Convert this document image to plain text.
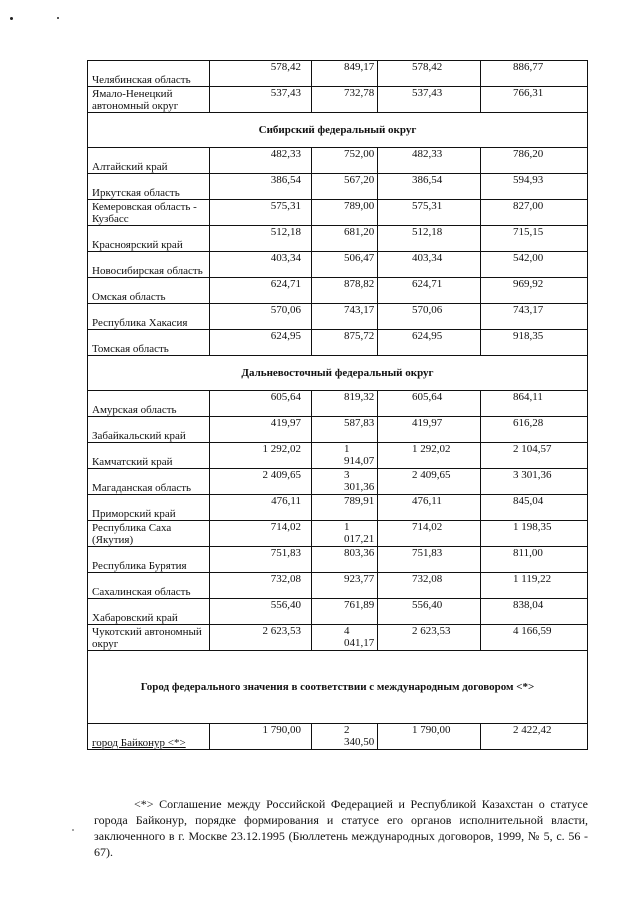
Челябинская область	578,42	849,17	578,42	886,77
Ямало-Ненецкий автономный округ	537,43	732,78	537,43	766,31
Сибирский федеральный округ				
Алтайский край	482,33	752,00	482,33	786,20
Иркутская область	386,54	567,20	386,54	594,93
Кемеровская область - Кузбасс	575,31	789,00	575,31	827,00
Красноярский край	512,18	681,20	512,18	715,15
Новосибирская область	403,34	506,47	403,34	542,00
Омская область	624,71	878,82	624,71	969,92
Республика Хакасия	570,06	743,17	570,06	743,17
Томская область	624,95	875,72	624,95	918,35
Дальневосточный федеральный округ				
Амурская область	605,64	819,32	605,64	864,11
Забайкальский край	419,97	587,83	419,97	616,28
Камчатский край	1 292,02	1 914,07	1 292,02	2 104,57
Магаданская область	2 409,65	3 301,36	2 409,65	3 301,36
Приморский край	476,11	789,91	476,11	845,04
Республика Саха (Якутия)	714,02	1 017,21	714,02	1 198,35
Республика Бурятия	751,83	803,36	751,83	811,00
Сахалинская область	732,08	923,77	732,08	1 119,22
Хабаровский край	556,40	761,89	556,40	838,04
Чукотский автономный округ	2 623,53	4 041,17	2 623,53	4 166,59
Город федерального значения в соответствии с международным договором <*>				
город Байконур <*>	1 790,00	2 340,50	1 790,00	2 422,42
<*> Соглашение между Российской Федерацией и Республикой Казахстан о статусе города Байконур, порядке формирования и статусе его органов исполнительной власти, заключенного в г. Москве 23.12.1995 (Бюллетень международных договоров, 1999, № 5, с. 56 - 67).
